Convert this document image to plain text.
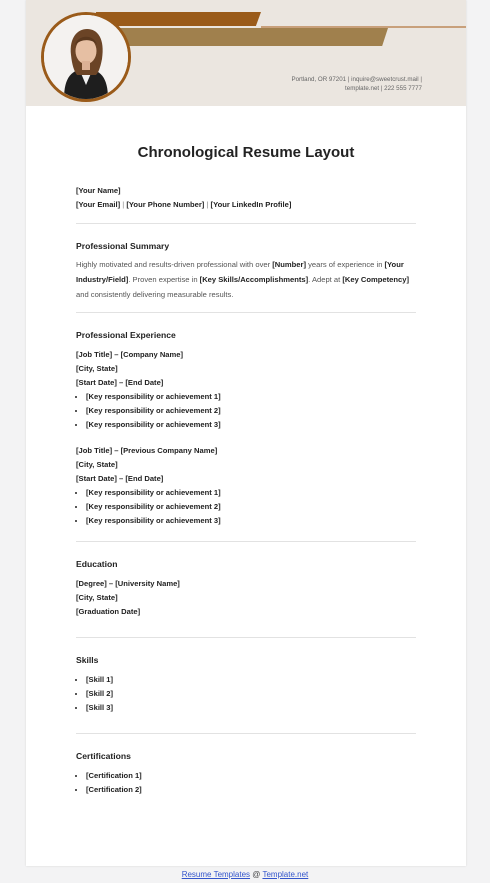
Portland, OR 97201 | inquire@sweetcrust.mail |
template.net | 222 555 7777
Chronological Resume Layout
[Your Name]
[Your Email] | [Your Phone Number] | [Your LinkedIn Profile]
Professional Summary
Highly motivated and results-driven professional with over [Number] years of experience in [Your Industry/Field]. Proven expertise in [Key Skills/Accomplishments]. Adept at [Key Competency] and consistently delivering measurable results.
Professional Experience
[Job Title] – [Company Name]
[City, State]
[Start Date] – [End Date]
• [Key responsibility or achievement 1]
• [Key responsibility or achievement 2]
• [Key responsibility or achievement 3]
[Job Title] – [Previous Company Name]
[City, State]
[Start Date] – [End Date]
• [Key responsibility or achievement 1]
• [Key responsibility or achievement 2]
• [Key responsibility or achievement 3]
Education
[Degree] – [University Name]
[City, State]
[Graduation Date]
Skills
• [Skill 1]
• [Skill 2]
• [Skill 3]
Certifications
• [Certification 1]
• [Certification 2]
Resume Templates @ Template.net
